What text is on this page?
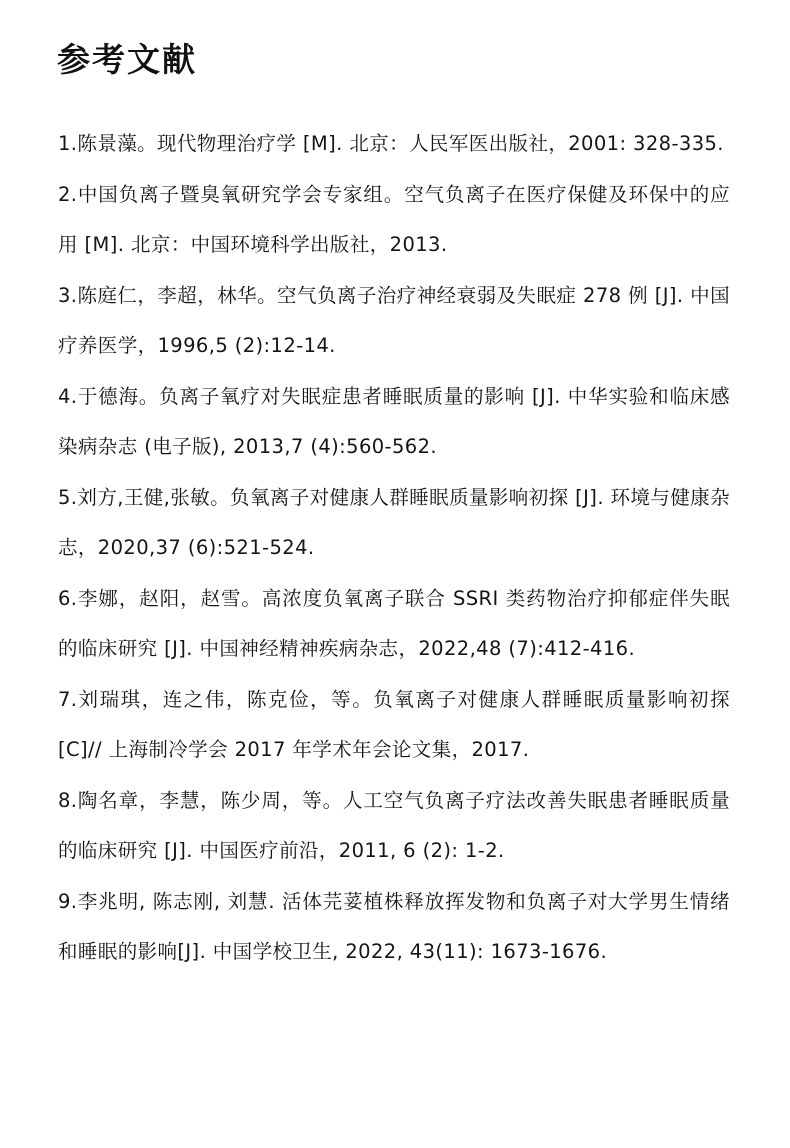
参考文献
1.陈景藻。现代物理治疗学 [M]. 北京：人民军医出版社，2001: 328-335.
2.中国负离子暨臭氧研究学会专家组。空气负离子在医疗保健及环保中的应用 [M]. 北京：中国环境科学出版社，2013.
3.陈庭仁，李超，林华。空气负离子治疗神经衰弱及失眠症 278 例 [J]. 中国疗养医学，1996,5 (2):12-14.
4.于德海。负离子氧疗对失眠症患者睡眠质量的影响 [J]. 中华实验和临床感染病杂志 (电子版), 2013,7 (4):560-562.
5.刘方,王健,张敏。负氧离子对健康人群睡眠质量影响初探 [J]. 环境与健康杂志，2020,37 (6):521-524.
6.李娜，赵阳，赵雪。高浓度负氧离子联合 SSRI 类药物治疗抑郁症伴失眠的临床研究 [J]. 中国神经精神疾病杂志，2022,48 (7):412-416.
7.刘瑞琪，连之伟，陈克俭，等。负氧离子对健康人群睡眠质量影响初探 [C]// 上海制冷学会 2017 年学术年会论文集，2017.
8.陶名章，李慧，陈少周，等。人工空气负离子疗法改善失眠患者睡眠质量的临床研究 [J]. 中国医疗前沿，2011, 6 (2): 1-2.
9.李兆明, 陈志刚, 刘慧. 活体芫荽植株释放挥发物和负离子对大学男生情绪和睡眠的影响[J]. 中国学校卫生, 2022, 43(11): 1673-1676.
